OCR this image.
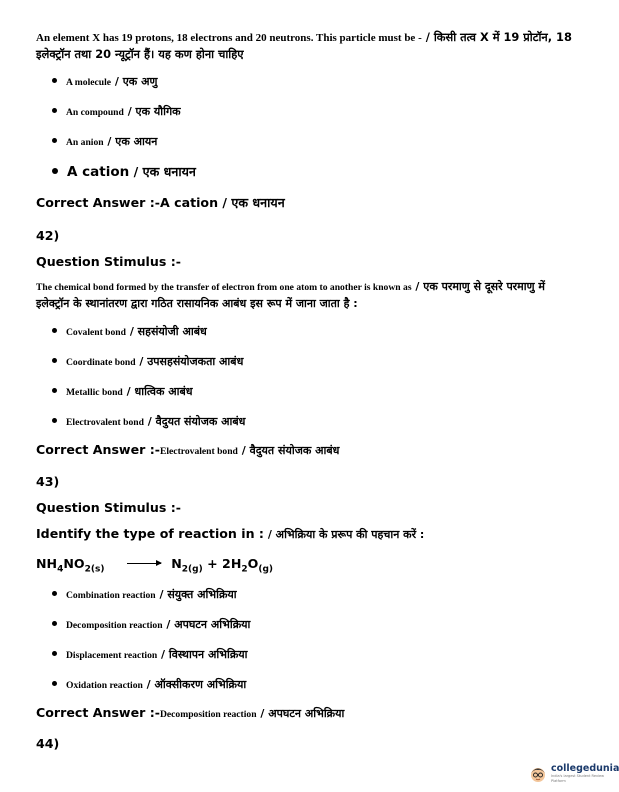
An element X has 19 protons, 18 electrons and 20 neutrons. This particle must be - / किसी तत्व X में 19 प्रोटॉन, 18 इलेक्ट्रॉन तथा 20 न्यूट्रॉन हैं। यह कण होना चाहिए
A molecule / एक अणु
An compound / एक यौगिक
An anion / एक आयन
A cation / एक धनायन
Correct Answer :-A cation / एक धनायन
42)
Question Stimulus :-
The chemical bond formed by the transfer of electron from one atom to another is known as / एक परमाणु से दूसरे परमाणु में इलेक्ट्रॉन के स्थानांतरण द्वारा गठित रासायनिक आबंध इस रूप में जाना जाता है :
Covalent bond / सहसंयोजी आबंध
Coordinate bond / उपसहसंयोजकता आबंध
Metallic bond / धात्विक आबंध
Electrovalent bond / वैदुयत संयोजक आबंध
Correct Answer :-Electrovalent bond / वैदुयत संयोजक आबंध
43)
Question Stimulus :-
Identify the type of reaction in : / अभिक्रिया के प्ररूप की पहचान करें :
$NH_4NO_{2(s)}$	$N_{2(g)} + 2H_2O_{(g)}$
Combination reaction / संयुक्त अभिक्रिया
Decomposition reaction / अपघटन अभिक्रिया
Displacement reaction / विस्थापन अभिक्रिया
Oxidation reaction / ऑक्सीकरण अभिक्रिया
Correct Answer :-Decomposition reaction / अपघटन अभिक्रिया
44)
collegedunia
India's largest Student Review Platform
